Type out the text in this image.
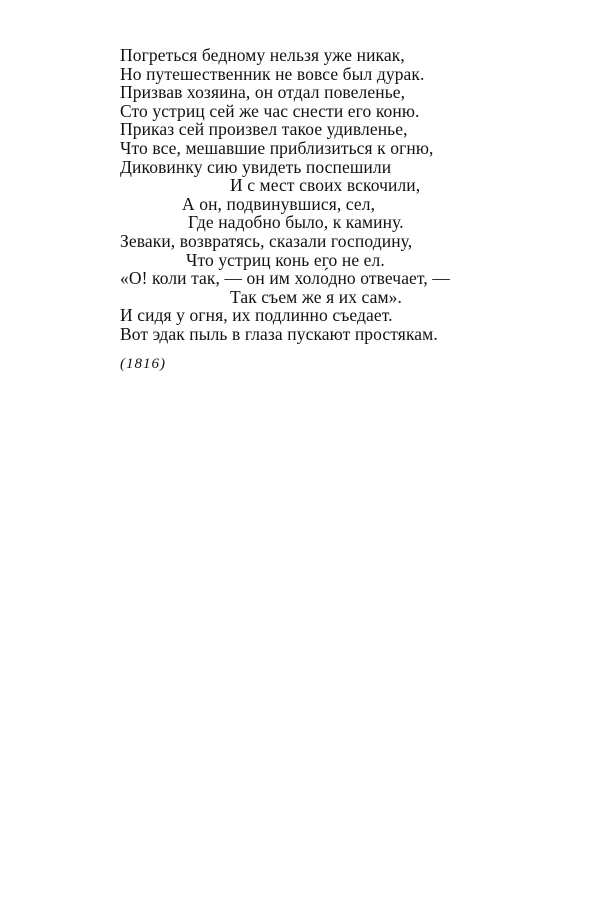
Погреться бедному нельзя уже никак,
Но путешественник не вовсе был дурак.
Призвав хозяина, он отдал повеленье,
Сто устриц сей же час снести его коню.
Приказ сей произвел такое удивленье,
Что все, мешавшие приблизиться к огню,
Диковинку сию увидеть поспешили
И с мест своих вскочили,
А он, подвинувшися, сел,
Где надобно было, к камину.
Зеваки, возвратясь, сказали господину,
Что устриц конь его не ел.
«О! коли так, — он им холо́дно отвечает, —
Так съем же я их сам».
И сидя у огня, их подлинно съедает.
Вот эдак пыль в глаза пускают простякам.
(1816)
